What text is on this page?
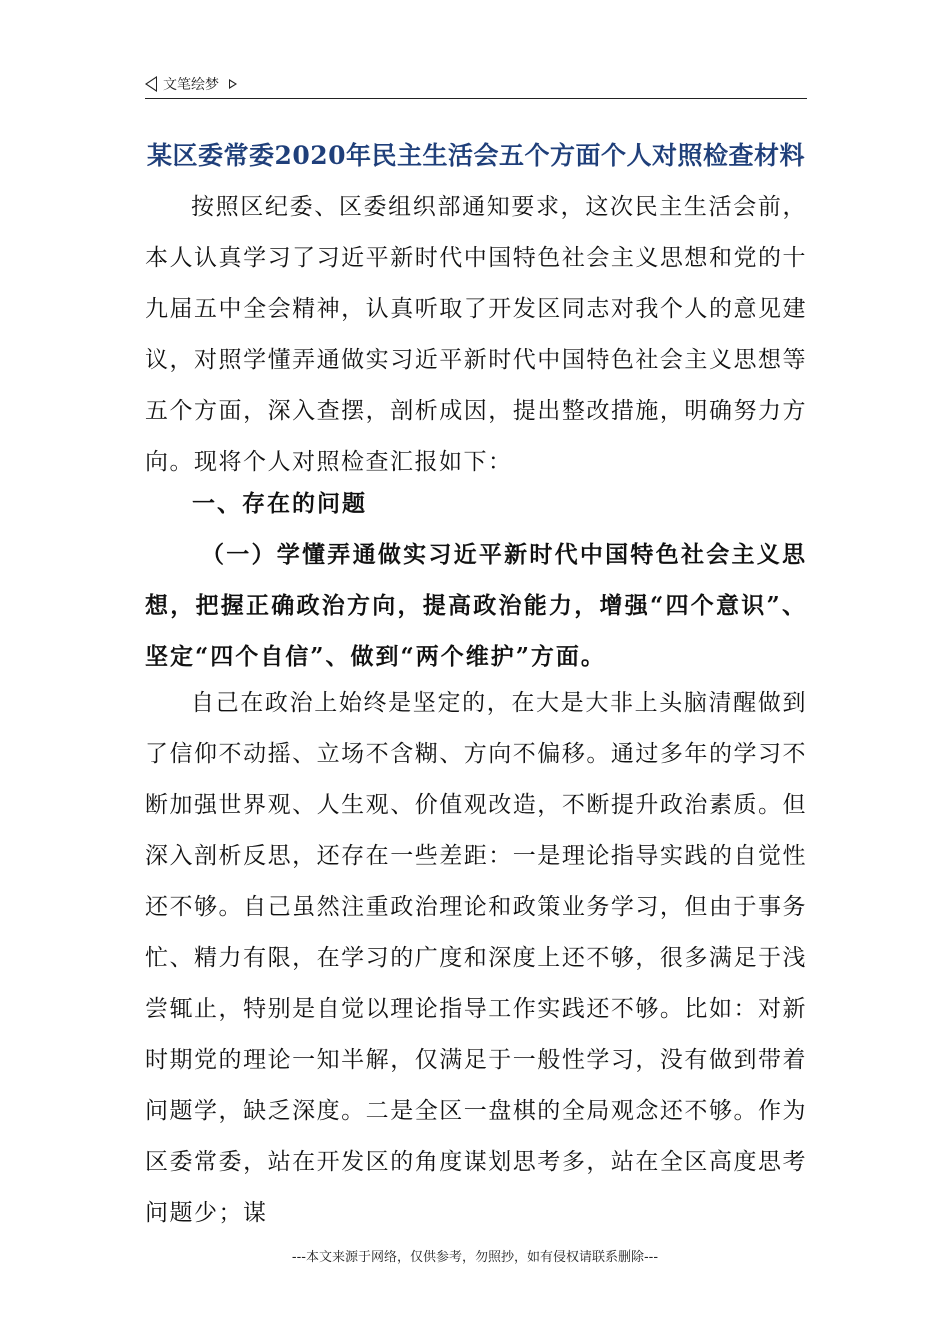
文笔绘梦
某区委常委2020年民主生活会五个方面个人对照检查材料
按照区纪委、区委组织部通知要求，这次民主生活会前，本人认真学习了习近平新时代中国特色社会主义思想和党的十九届五中全会精神，认真听取了开发区同志对我个人的意见建议，对照学懂弄通做实习近平新时代中国特色社会主义思想等五个方面，深入查摆，剖析成因，提出整改措施，明确努力方向。现将个人对照检查汇报如下：
一、存在的问题
（一）学懂弄通做实习近平新时代中国特色社会主义思想，把握正确政治方向，提高政治能力，增强“四个意识”、坚定“四个自信”、做到“两个维护”方面。
自己在政治上始终是坚定的，在大是大非上头脑清醒做到了信仰不动摇、立场不含糊、方向不偏移。通过多年的学习不断加强世界观、人生观、价值观改造，不断提升政治素质。但深入剖析反思，还存在一些差距：一是理论指导实践的自觉性还不够。自己虽然注重政治理论和政策业务学习，但由于事务忙、精力有限，在学习的广度和深度上还不够，很多满足于浅尝辄止，特别是自觉以理论指导工作实践还不够。比如：对新时期党的理论一知半解，仅满足于一般性学习，没有做到带着问题学，缺乏深度。二是全区一盘棋的全局观念还不够。作为区委常委，站在开发区的角度谋划思考多，站在全区高度思考问题少；谋
---本文来源于网络，仅供参考，勿照抄，如有侵权请联系删除---
